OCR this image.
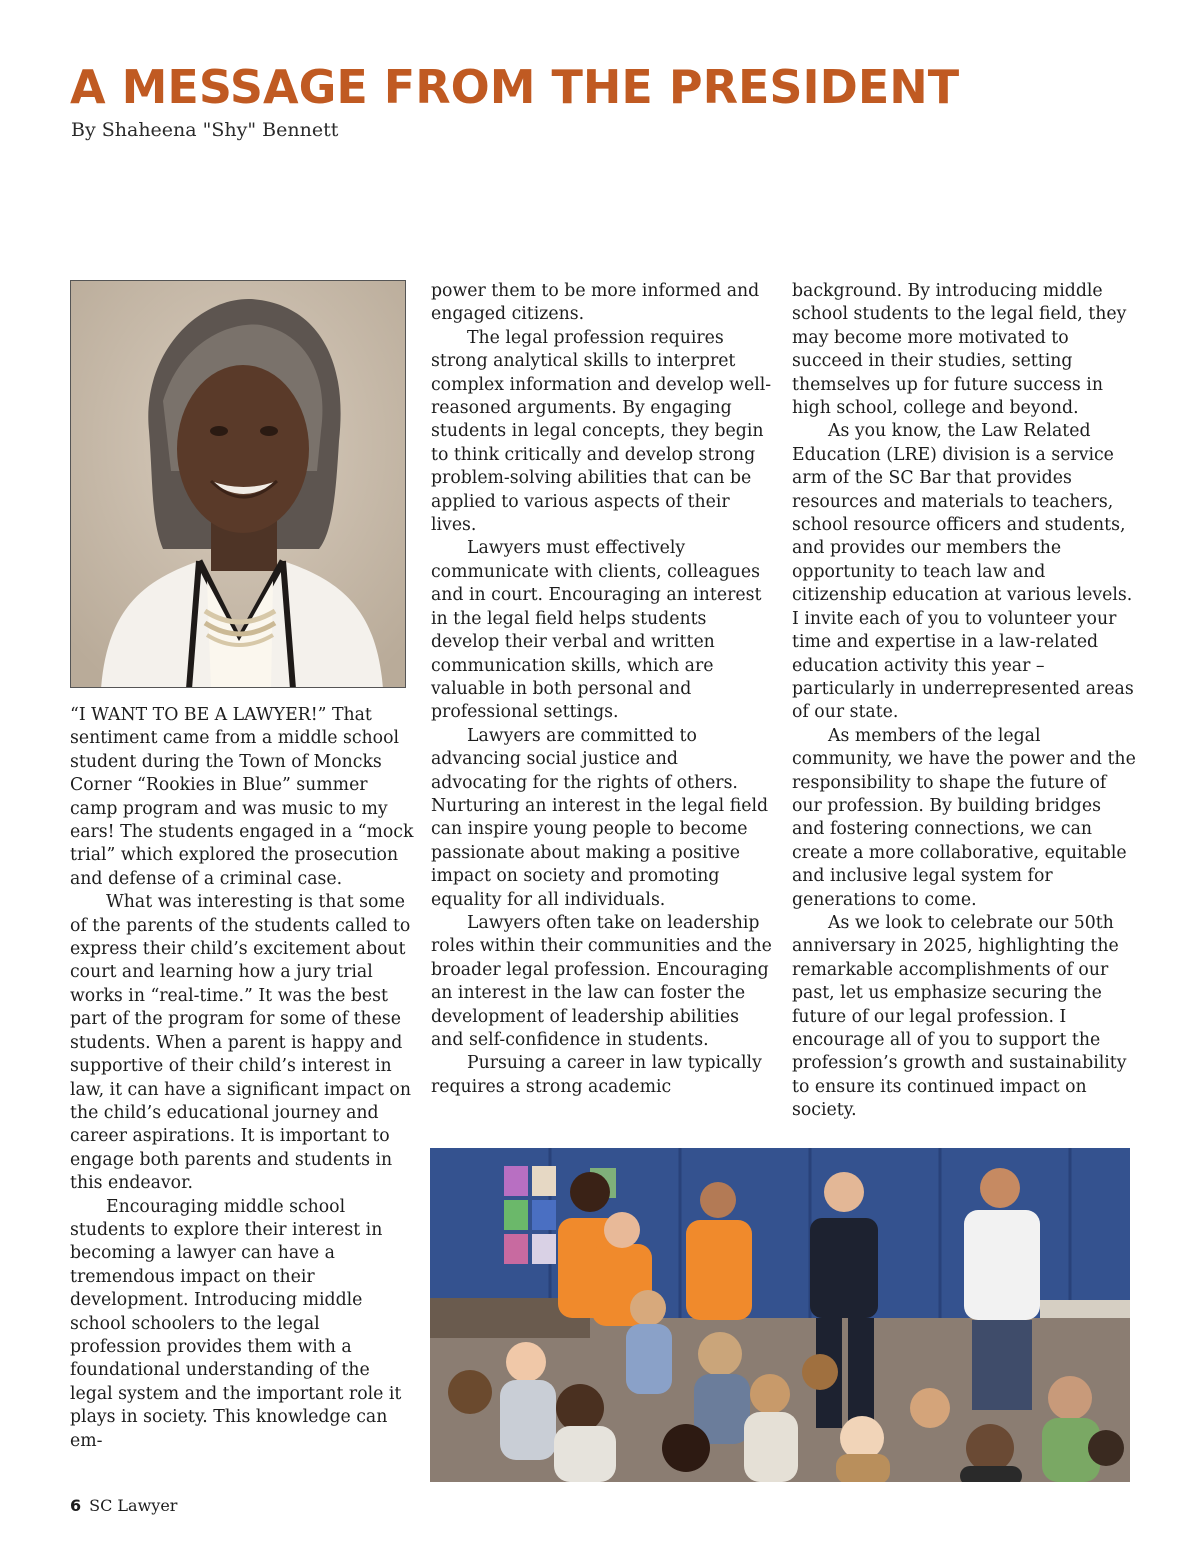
A MESSAGE FROM THE PRESIDENT
By Shaheena "Shy" Bennett

“I WANT TO BE A LAWYER!” That sentiment came from a middle school student during the Town of Moncks Corner “Rookies in Blue” summer camp program and was music to my ears! The students engaged in a “mock trial” which explored the prosecution and defense of a criminal case.

What was interesting is that some of the parents of the students called to express their child’s excitement about court and learning how a jury trial works in “real-time.” It was the best part of the program for some of these students. When a parent is happy and supportive of their child’s interest in law, it can have a significant impact on the child’s educational journey and career aspirations. It is important to engage both parents and students in this endeavor.

Encouraging middle school students to explore their interest in becoming a lawyer can have a tremendous impact on their development. Introducing middle school schoolers to the legal profession provides them with a foundational understanding of the legal system and the important role it plays in society. This knowledge can em-

power them to be more informed and engaged citizens.

The legal profession requires strong analytical skills to interpret complex information and develop well-reasoned arguments. By engaging students in legal concepts, they begin to think critically and develop strong problem-solving abilities that can be applied to various aspects of their lives.

Lawyers must effectively communicate with clients, colleagues and in court. Encouraging an interest in the legal field helps students develop their verbal and written communication skills, which are valuable in both personal and professional settings.

Lawyers are committed to advancing social justice and advocating for the rights of others. Nurturing an interest in the legal field can inspire young people to become passionate about making a positive impact on society and promoting equality for all individuals.

Lawyers often take on leadership roles within their communities and the broader legal profession. Encouraging an interest in the law can foster the development of leadership abilities and self-confidence in students.

Pursuing a career in law typically requires a strong academic

background. By introducing middle school students to the legal field, they may become more motivated to succeed in their studies, setting themselves up for future success in high school, college and beyond.

As you know, the Law Related Education (LRE) division is a service arm of the SC Bar that provides resources and materials to teachers, school resource officers and students, and provides our members the opportunity to teach law and citizenship education at various levels. I invite each of you to volunteer your time and expertise in a law-related education activity this year – particularly in underrepresented areas of our state.

As members of the legal community, we have the power and the responsibility to shape the future of our profession. By building bridges and fostering connections, we can create a more collaborative, equitable and inclusive legal system for generations to come.

As we look to celebrate our 50th anniversary in 2025, highlighting the remarkable accomplishments of our past, let us emphasize securing the future of our legal profession. I encourage all of you to support the profession’s growth and sustainability to ensure its continued impact on society.

6 SC Lawyer
